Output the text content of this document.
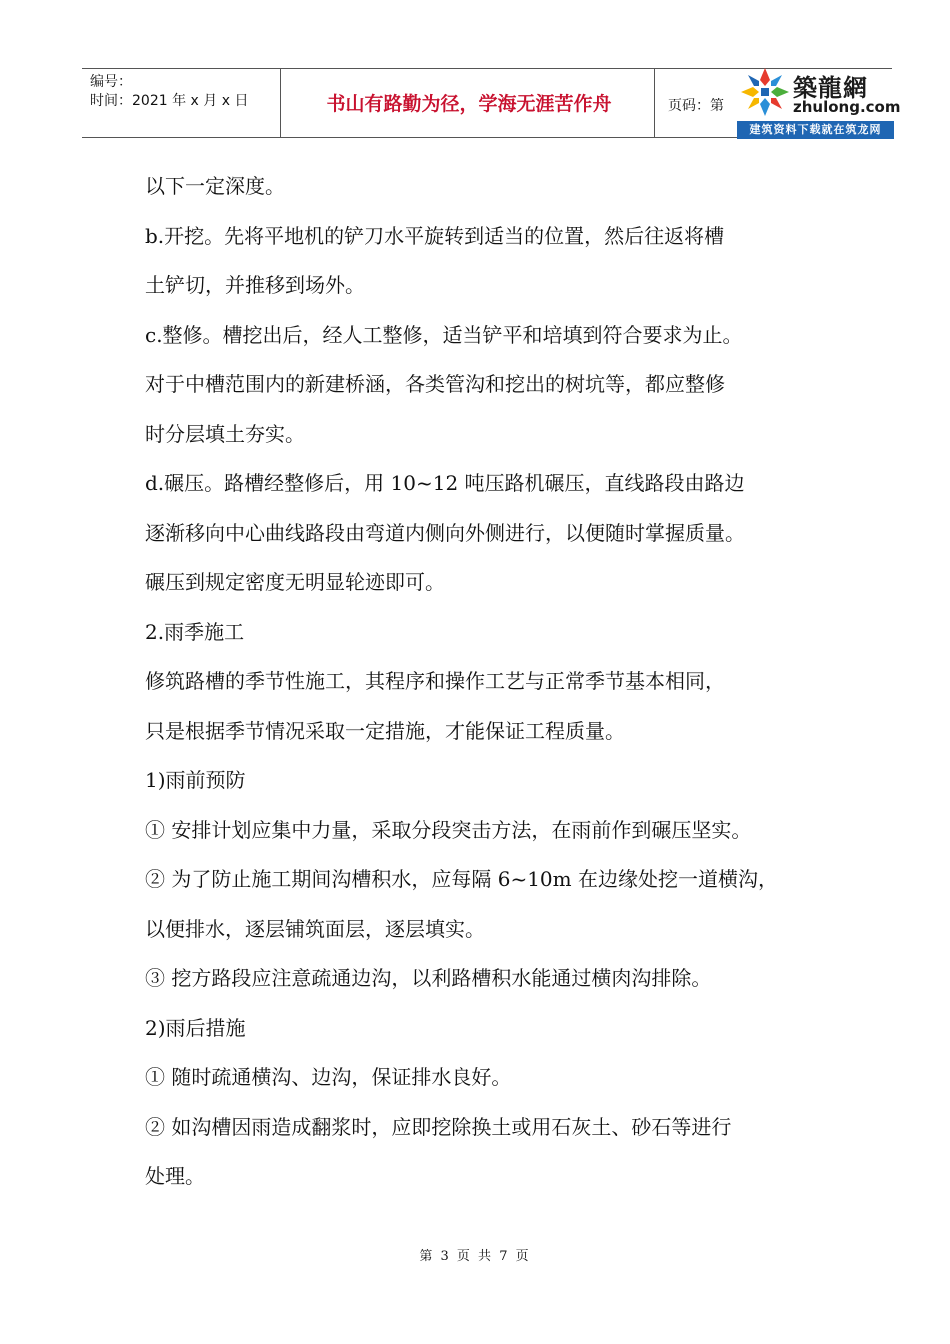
编号：
时间：2021 年 x 月 x 日	书山有路勤为径，学海无涯苦作舟	页码：第
築龍網
zhulong.com
建筑资料下载就在筑龙网

以下一定深度。

b.开挖。先将平地机的铲刀水平旋转到适当的位置，然后往返将槽

土铲切，并推移到场外。

c.整修。槽挖出后，经人工整修，适当铲平和培填到符合要求为止。

对于中槽范围内的新建桥涵，各类管沟和挖出的树坑等，都应整修

时分层填土夯实。

d.碾压。路槽经整修后，用 10~12 吨压路机碾压，直线路段由路边

逐渐移向中心曲线路段由弯道内侧向外侧进行，以便随时掌握质量。

碾压到规定密度无明显轮迹即可。

2.雨季施工

修筑路槽的季节性施工，其程序和操作工艺与正常季节基本相同，

只是根据季节情况采取一定措施，才能保证工程质量。

1)雨前预防

① 安排计划应集中力量，采取分段突击方法，在雨前作到碾压坚实。

② 为了防止施工期间沟槽积水，应每隔 6~10m 在边缘处挖一道横沟，

以便排水，逐层铺筑面层，逐层填实。

③ 挖方路段应注意疏通边沟，以利路槽积水能通过横肉沟排除。

2)雨后措施

① 随时疏通横沟、边沟，保证排水良好。

② 如沟槽因雨造成翻浆时，应即挖除换土或用石灰土、砂石等进行

处理。

第 3 页 共 7 页
